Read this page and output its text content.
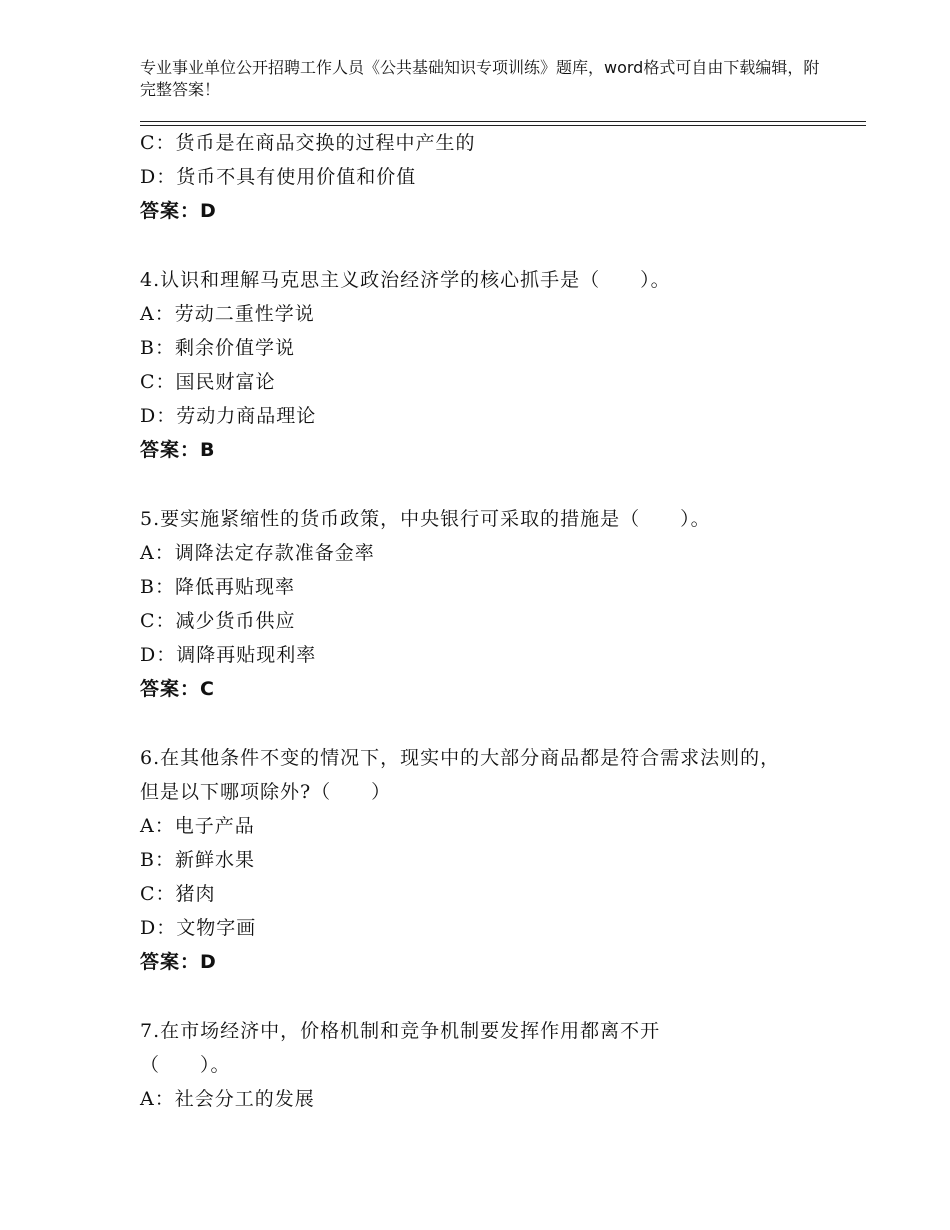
专业事业单位公开招聘工作人员《公共基础知识专项训练》题库，word格式可自由下载编辑，附完整答案！
C：货币是在商品交换的过程中产生的
D：货币不具有使用价值和价值
答案：D
4.认识和理解马克思主义政治经济学的核心抓手是（　　）。
A：劳动二重性学说
B：剩余价值学说
C：国民财富论
D：劳动力商品理论
答案：B
5.要实施紧缩性的货币政策，中央银行可采取的措施是（　　）。
A：调降法定存款准备金率
B：降低再贴现率
C：减少货币供应
D：调降再贴现利率
答案：C
6.在其他条件不变的情况下，现实中的大部分商品都是符合需求法则的，但是以下哪项除外?（　　）
A：电子产品
B：新鲜水果
C：猪肉
D：文物字画
答案：D
7.在市场经济中，价格机制和竞争机制要发挥作用都离不开（　　）。
A：社会分工的发展
